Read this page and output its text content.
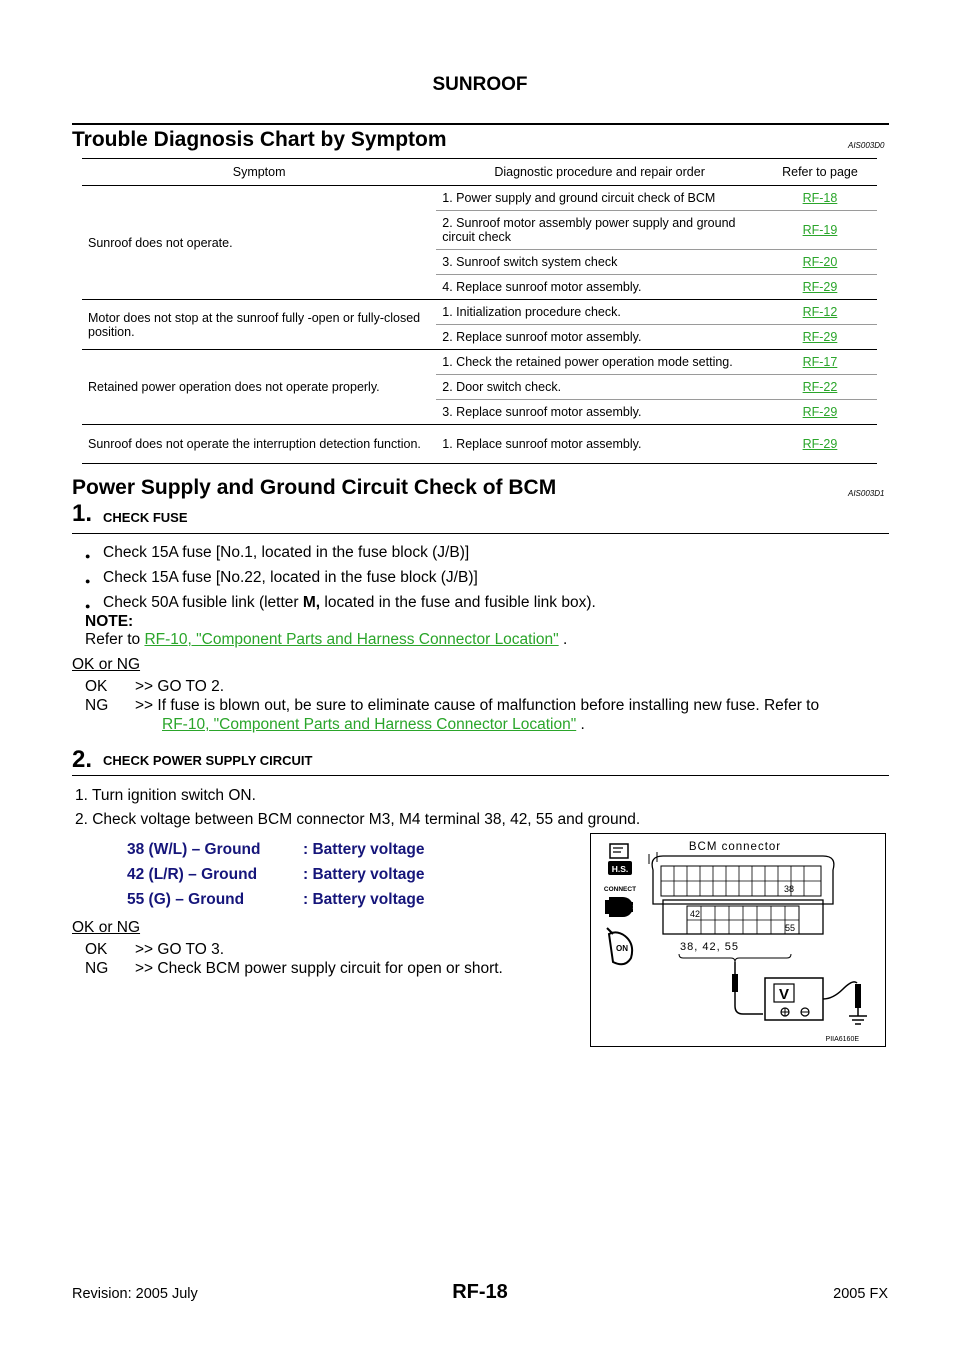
SUNROOF
Trouble Diagnosis Chart by Symptom	AIS003D0
Symptom	Diagnostic procedure and repair order	Refer to page
Sunroof does not operate.	1. Power supply and ground circuit check of BCM	RF-18
	2. Sunroof motor assembly power supply and ground circuit check	RF-19
	3. Sunroof switch system check	RF-20
	4. Replace sunroof motor assembly.	RF-29
Motor does not stop at the sunroof fully -open or fully-closed position.	1. Initialization procedure check.	RF-12
	2. Replace sunroof motor assembly.	RF-29
Retained power operation does not operate properly.	1. Check the retained power operation mode setting.	RF-17
	2. Door switch check.	RF-22
	3. Replace sunroof motor assembly.	RF-29
Sunroof does not operate the interruption detection function.	1. Replace sunroof motor assembly.	RF-29
Power Supply and Ground Circuit Check of BCM	AIS003D1
1. CHECK FUSE
● Check 15A fuse [No.1, located in the fuse block (J/B)]
● Check 15A fuse [No.22, located in the fuse block (J/B)]
● Check 50A fusible link (letter M, located in the fuse and fusible link box).
NOTE:
Refer to RF-10, "Component Parts and Harness Connector Location" .
OK or NG
OK >> GO TO 2.
NG >> If fuse is blown out, be sure to eliminate cause of malfunction before installing new fuse. Refer to
RF-10, "Component Parts and Harness Connector Location" .
2. CHECK POWER SUPPLY CIRCUIT
1. Turn ignition switch ON.
2. Check voltage between BCM connector M3, M4 terminal 38, 42, 55 and ground.
38 (W/L) – Ground	: Battery voltage
42 (L/R) – Ground	: Battery voltage
55 (G) – Ground	: Battery voltage
OK or NG
OK >> GO TO 3.
NG >> Check BCM power supply circuit for open or short.
H.S.
CONNECT
ON
BCM connector
38
42
55
38, 42, 55
V
PIIA6160E
Revision: 2005 July	RF-18	2005 FX
